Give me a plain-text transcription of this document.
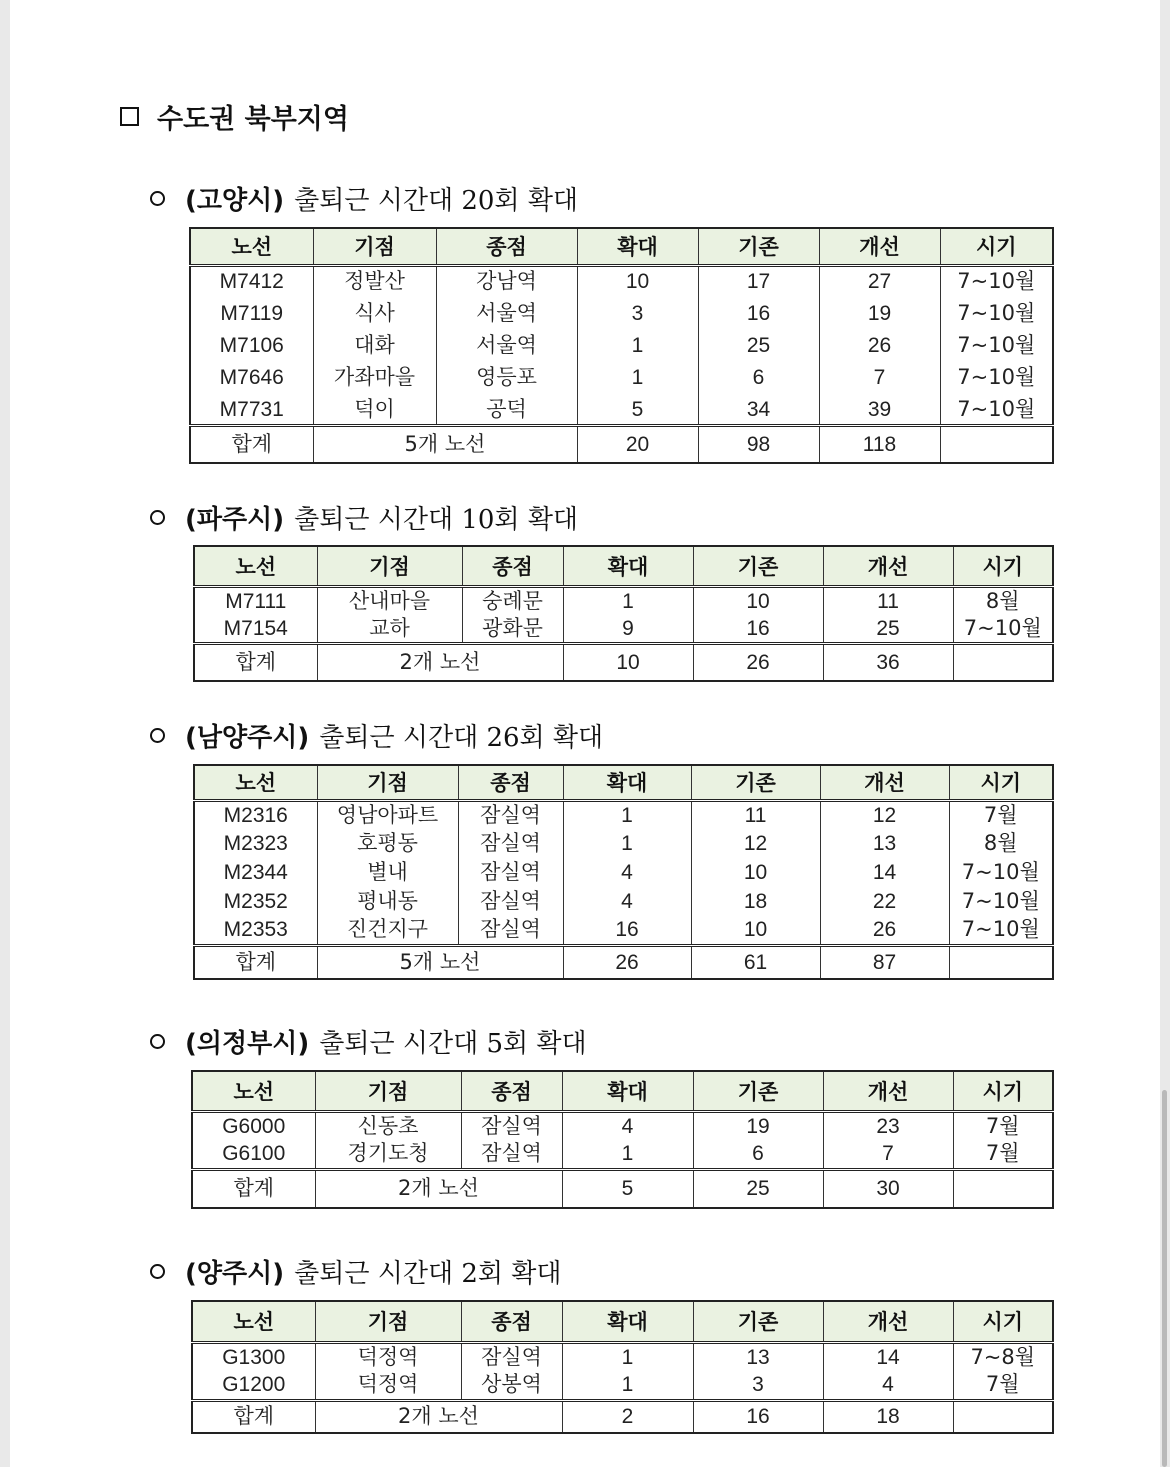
수도권 북부지역
(고양시) 출퇴근 시간대 20회 확대
노선	기점	종점	확대	기존	개선	시기
M7412	정발산	강남역	10	17	27	7~10월
M7119	식사	서울역	3	16	19	7~10월
M7106	대화	서울역	1	25	26	7~10월
M7646	가좌마을	영등포	1	6	7	7~10월
M7731	덕이	공덕	5	34	39	7~10월
합계	5개 노선		20	98	118	
(파주시) 출퇴근 시간대 10회 확대
노선	기점	종점	확대	기존	개선	시기
M7111	산내마을	숭례문	1	10	11	8월
M7154	교하	광화문	9	16	25	7~10월
합계	2개 노선		10	26	36	
(남양주시) 출퇴근 시간대 26회 확대
노선	기점	종점	확대	기존	개선	시기
M2316	영남아파트	잠실역	1	11	12	7월
M2323	호평동	잠실역	1	12	13	8월
M2344	별내	잠실역	4	10	14	7~10월
M2352	평내동	잠실역	4	18	22	7~10월
M2353	진건지구	잠실역	16	10	26	7~10월
합계	5개 노선		26	61	87	
(의정부시) 출퇴근 시간대 5회 확대
노선	기점	종점	확대	기존	개선	시기
G6000	신동초	잠실역	4	19	23	7월
G6100	경기도청	잠실역	1	6	7	7월
합계	2개 노선		5	25	30	
(양주시) 출퇴근 시간대 2회 확대
노선	기점	종점	확대	기존	개선	시기
G1300	덕정역	잠실역	1	13	14	7~8월
G1200	덕정역	상봉역	1	3	4	7월
합계	2개 노선		2	16	18	
